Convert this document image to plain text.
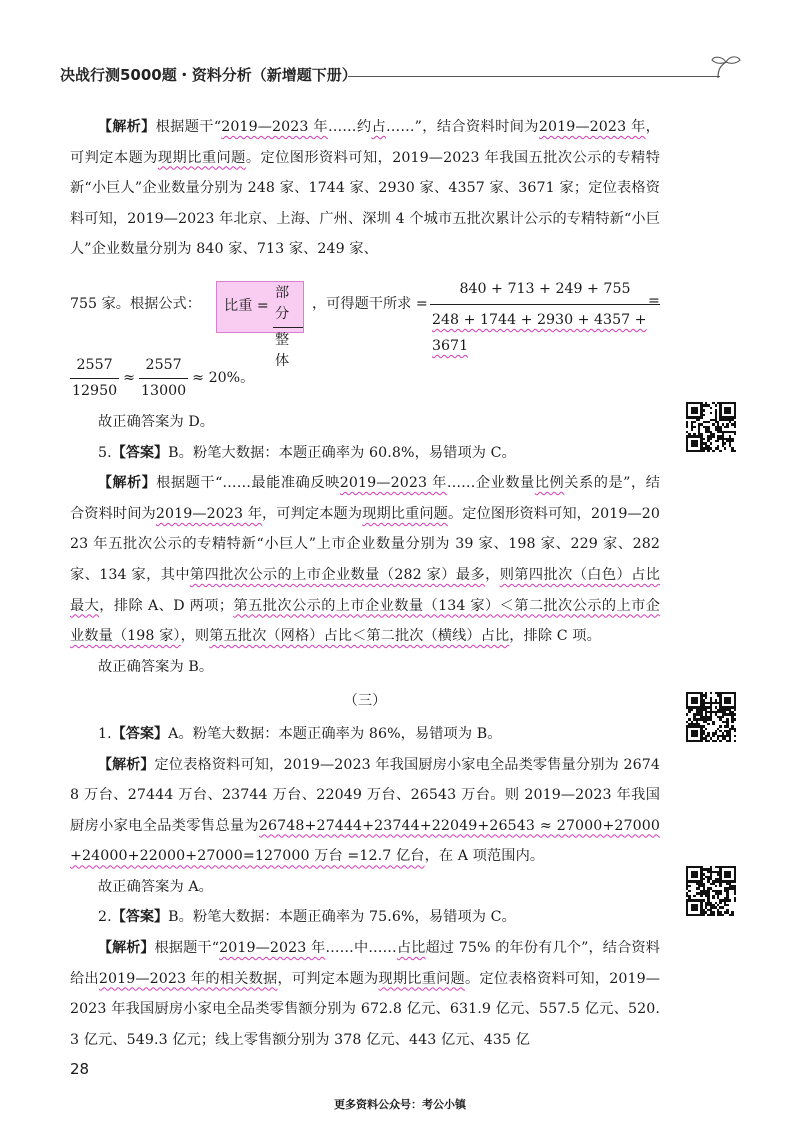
决战行测5000题・资料分析（新增题下册）

【解析】根据题干“2019—2023 年……约占……”，结合资料时间为2019—2023 年，可判定本题为现期比重问题。定位图形资料可知，2019—2023 年我国五批次公示的专精特新“小巨人”企业数量分别为 248 家、1744 家、2930 家、4357 家、3671 家；定位表格资料可知，2019—2023 年北京、上海、广州、深圳 4 个城市五批次累计公示的专精特新“小巨人”企业数量分别为 840 家、713 家、249 家、

755 家。根据公式： 比重 =
部分
整体
，可得题干所求 = $\frac{840 + 713 + 249 + 755}{248 + 1744 + 2930 + 4357 + 3671}$
=
$\frac{2557}{12950} \approx \frac{2557}{13000} \approx 20\%$。

故正确答案为 D。

5.【答案】B。粉笔大数据：本题正确率为 60.8%，易错项为 C。

【解析】根据题干“……最能准确反映2019—2023 年……企业数量比例关系的是”，结合资料时间为2019—2023 年，可判定本题为现期比重问题。定位图形资料可知，2019—2023 年五批次公示的专精特新“小巨人”上市企业数量分别为 39 家、198 家、229 家、282 家、134 家，其中第四批次公示的上市企业数量（282 家）最多，则第四批次（白色）占比最大，排除 A、D 两项；第五批次公示的上市企业数量（134 家）＜第二批次公示的上市企业数量（198 家），则第五批次（网格）占比＜第二批次（横线）占比，排除 C 项。

故正确答案为 B。

（三）

1.【答案】A。粉笔大数据：本题正确率为 86%，易错项为 B。

【解析】定位表格资料可知，2019—2023 年我国厨房小家电全品类零售量分别为 26748 万台、27444 万台、23744 万台、22049 万台、26543 万台。则 2019—2023 年我国厨房小家电全品类零售总量为26748+27444+23744+22049+26543 ≈ 27000+27000+24000+22000+27000=127000 万台 =12.7 亿台，在 A 项范围内。

故正确答案为 A。

2.【答案】B。粉笔大数据：本题正确率为 75.6%，易错项为 C。

【解析】根据题干“2019—2023 年……中……占比超过 75% 的年份有几个”，结合资料给出2019—2023 年的相关数据，可判定本题为现期比重问题。定位表格资料可知，2019—2023 年我国厨房小家电全品类零售额分别为 672.8 亿元、631.9 亿元、557.5 亿元、520.3 亿元、549.3 亿元；线上零售额分别为 378 亿元、443 亿元、435 亿

28
更多资料公众号：考公小镇
